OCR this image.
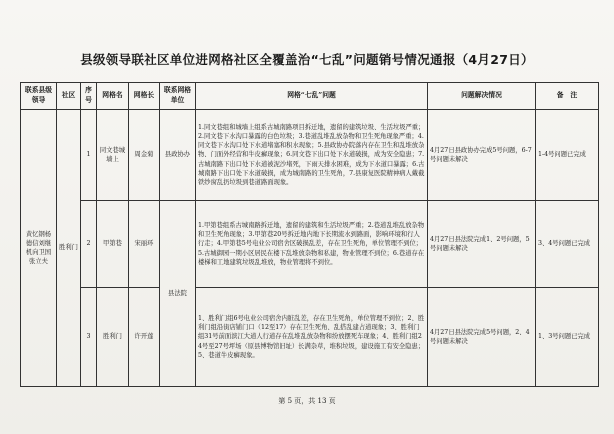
县级领导联社区单位进网格社区全覆盖治“七乱”问题销号情况通报（4月27日）
联系县级领导	社区	序号	网格名	网格长	联系网格单位	网格“七乱”问题	问题解决情况	备　注
黄忆钢杨德信刘继机向卫国张立夫	胜利门	1	同文巷城墙上	周金菊	县政协办	1.同文巷组和城墙上组系古城南路项目拆迁地，遗留的建筑垃圾、生活垃圾严重；2.同文巷下水沟口暴露的白色垃圾；3.巷道乱堆乱放杂物和卫生死角现象严重；4.同文巷下水沟口处下水道堵塞和积水现象；5.县政协办院落内存在卫生和乱堆放杂物、门面外经营和牛皮癣现象；6.同文巷下出口处下水道破损，成为安全隐患；7.古城南路下出口处下水道被泥沙堵死，下雨天排水困难，成为下水道口暴露；6.古城南路下出口处下水道破损，成为城南路的卫生死角，7.县康复医院精神病人戴截铁纱窗乱扔垃圾到巷道路面现象。	4月27日县政协办完成5号问题，6-7号问题未解决	1-4号问题已完成
		2	甲第巷	宋丽环	县法院	1.甲第巷组系古城南路拆迁地，遗留的建筑和生活垃圾严重；2.巷道乱堆乱放杂物和卫生死角现象；3.甲第巷20号拆迁地内地下长期流水到路面，影响环境和行人行走；4.甲第巷5号电业公司宿舍区破损乱差，存在卫生死角，单位管理不到位；5.古城御园一期小区居民在楼下乱堆放杂物和私建，物业管理不到位；6.巷道存在楼梯和工地建筑垃圾乱堆放，物业管理将不到位。	4月27日县法院完成1、2号问题，5号问题未解决	3、4号问题已完成
		3	胜利门	许开莲		1、胜利门组6号电业公司宿舍内脏乱差，存在卫生死角，单位管理不到位；2、胜利门组沿街店铺门口（12至17）存在卫生死角、乱搭乱建占道现象；3、胜利门组31号前面滨江大道人行道存在乱堆乱放杂物和纷放摆死车现象；4、胜利门组24号至27号坪场（原县博物馆旧址）长满杂草，堆积垃圾，建设施工有安全隐患；5、巷道牛皮癣现象。	4月27日县法院完成5号问题，2、4号问题未解决	1、3号问题已完成
第 5 页，共 13 页
